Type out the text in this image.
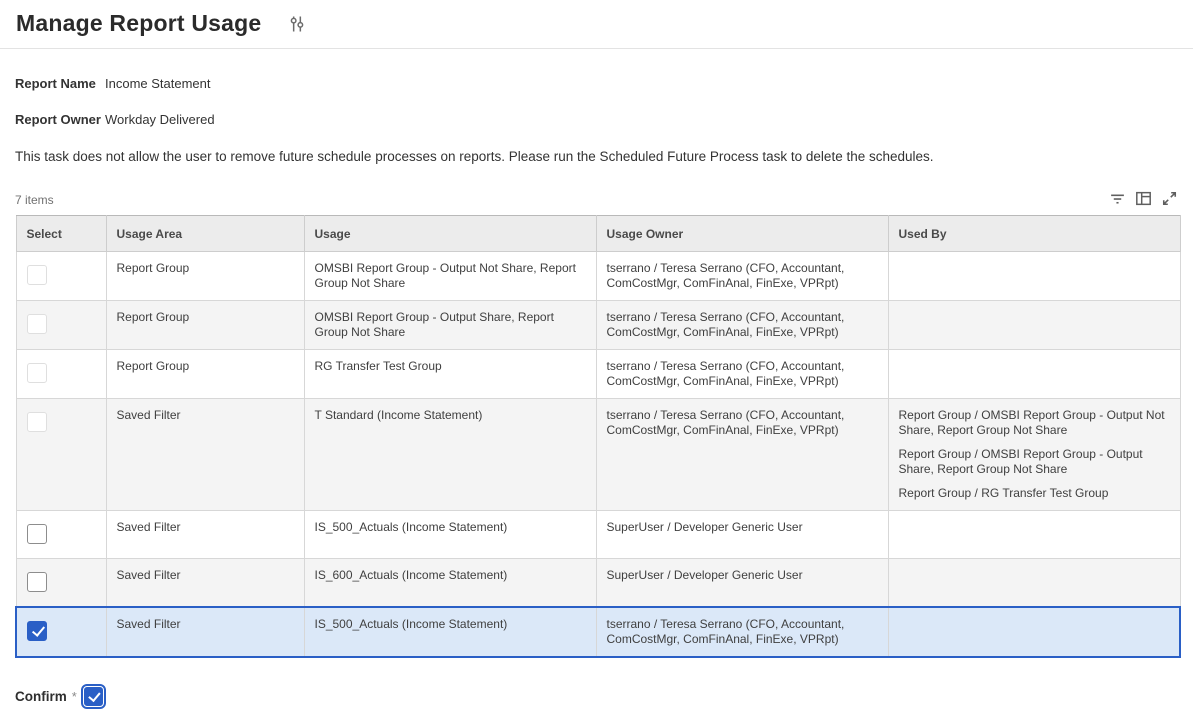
Manage Report Usage
Report Name Income Statement
Report Owner Workday Delivered

This task does not allow the user to remove future schedule processes on reports. Please run the Scheduled Future Process task to delete the schedules.

7 items
Select	Usage Area	Usage	Usage Owner	Used By
	Report Group	OMSBI Report Group - Output Not Share, Report Group Not Share	tserrano / Teresa Serrano (CFO, Accountant, ComCostMgr, ComFinAnal, FinExe, VPRpt)	
	Report Group	OMSBI Report Group - Output Share, Report Group Not Share	tserrano / Teresa Serrano (CFO, Accountant, ComCostMgr, ComFinAnal, FinExe, VPRpt)	
	Report Group	RG Transfer Test Group	tserrano / Teresa Serrano (CFO, Accountant, ComCostMgr, ComFinAnal, FinExe, VPRpt)	
	Saved Filter	T Standard (Income Statement)	tserrano / Teresa Serrano (CFO, Accountant, ComCostMgr, ComFinAnal, FinExe, VPRpt)	Report Group / OMSBI Report Group - Output Not Share, Report Group Not Share
Report Group / OMSBI Report Group - Output Share, Report Group Not Share
Report Group / RG Transfer Test Group

	Saved Filter	IS_500_Actuals (Income Statement)	SuperUser / Developer Generic User	
	Saved Filter	IS_600_Actuals (Income Statement)	SuperUser / Developer Generic User	
	Saved Filter	IS_500_Actuals (Income Statement)	tserrano / Teresa Serrano (CFO, Accountant, ComCostMgr, ComFinAnal, FinExe, VPRpt)	
Confirm *
